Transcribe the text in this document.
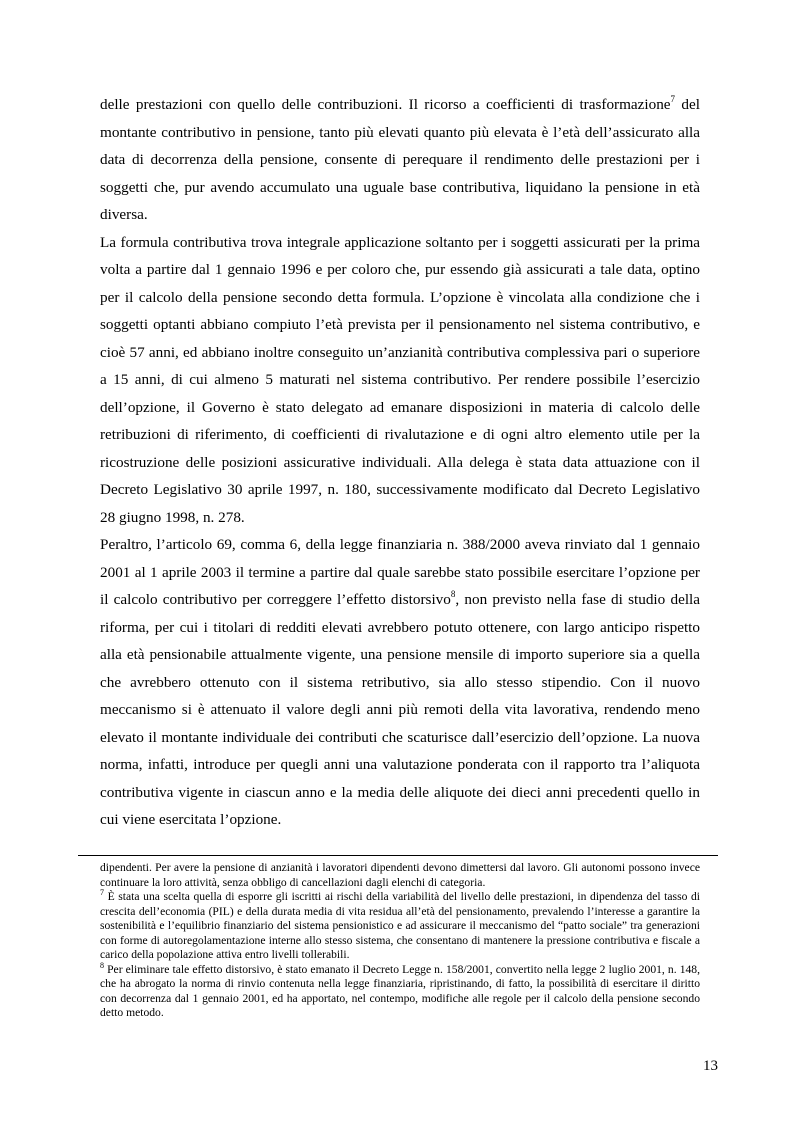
delle prestazioni con quello delle contribuzioni. Il ricorso a coefficienti di trasformazione$^7$ del montante contributivo in pensione, tanto più elevati quanto più elevata è l’età dell’assicurato alla data di decorrenza della pensione, consente di perequare il rendimento delle prestazioni per i soggetti che, pur avendo accumulato una uguale base contributiva, liquidano la pensione in età diversa.

La formula contributiva trova integrale applicazione soltanto per i soggetti assicurati per la prima volta a partire dal 1 gennaio 1996 e per coloro che, pur essendo già assicurati a tale data, optino per il calcolo della pensione secondo detta formula. L’opzione è vincolata alla condizione che i soggetti optanti abbiano compiuto l’età prevista per il pensionamento nel sistema contributivo, e cioè 57 anni, ed abbiano inoltre conseguito un’anzianità contributiva complessiva pari o superiore a 15 anni, di cui almeno 5 maturati nel sistema contributivo. Per rendere possibile l’esercizio dell’opzione, il Governo è stato delegato ad emanare disposizioni in materia di calcolo delle retribuzioni di riferimento, di coefficienti di rivalutazione e di ogni altro elemento utile per la ricostruzione delle posizioni assicurative individuali. Alla delega è stata data attuazione con il Decreto Legislativo 30 aprile 1997, n. 180, successivamente modificato dal Decreto Legislativo 28 giugno 1998, n. 278.

Peraltro, l’articolo 69, comma 6, della legge finanziaria n. 388/2000 aveva rinviato dal 1 gennaio 2001 al 1 aprile 2003 il termine a partire dal quale sarebbe stato possibile esercitare l’opzione per il calcolo contributivo per correggere l’effetto distorsivo$^8$, non previsto nella fase di studio della riforma, per cui i titolari di redditi elevati avrebbero potuto ottenere, con largo anticipo rispetto alla età pensionabile attualmente vigente, una pensione mensile di importo superiore sia a quella che avrebbero ottenuto con il sistema retributivo, sia allo stesso stipendio. Con il nuovo meccanismo si è attenuato il valore degli anni più remoti della vita lavorativa, rendendo meno elevato il montante individuale dei contributi che scaturisce dall’esercizio dell’opzione. La nuova norma, infatti, introduce per quegli anni una valutazione ponderata con il rapporto tra l’aliquota contributiva vigente in ciascun anno e la media delle aliquote dei dieci anni precedenti quello in cui viene esercitata l’opzione.

dipendenti. Per avere la pensione di anzianità i lavoratori dipendenti devono dimettersi dal lavoro. Gli autonomi possono invece continuare la loro attività, senza obbligo di cancellazioni dagli elenchi di categoria.

$^7$ È stata una scelta quella di esporre gli iscritti ai rischi della variabilità del livello delle prestazioni, in dipendenza del tasso di crescita dell’economia (PIL) e della durata media di vita residua all’età del pensionamento, prevalendo l’interesse a garantire la sostenibilità e l’equilibrio finanziario del sistema pensionistico e ad assicurare il meccanismo del “patto sociale” tra generazioni con forme di autoregolamentazione interne allo stesso sistema, che consentano di mantenere la pressione contributiva e fiscale a carico della popolazione attiva entro livelli tollerabili.

$^8$ Per eliminare tale effetto distorsivo, è stato emanato il Decreto Legge n. 158/2001, convertito nella legge 2 luglio 2001, n. 148, che ha abrogato la norma di rinvio contenuta nella legge finanziaria, ripristinando, di fatto, la possibilità di esercitare il diritto con decorrenza dal 1 gennaio 2001, ed ha apportato, nel contempo, modifiche alle regole per il calcolo della pensione secondo detto metodo.

13
